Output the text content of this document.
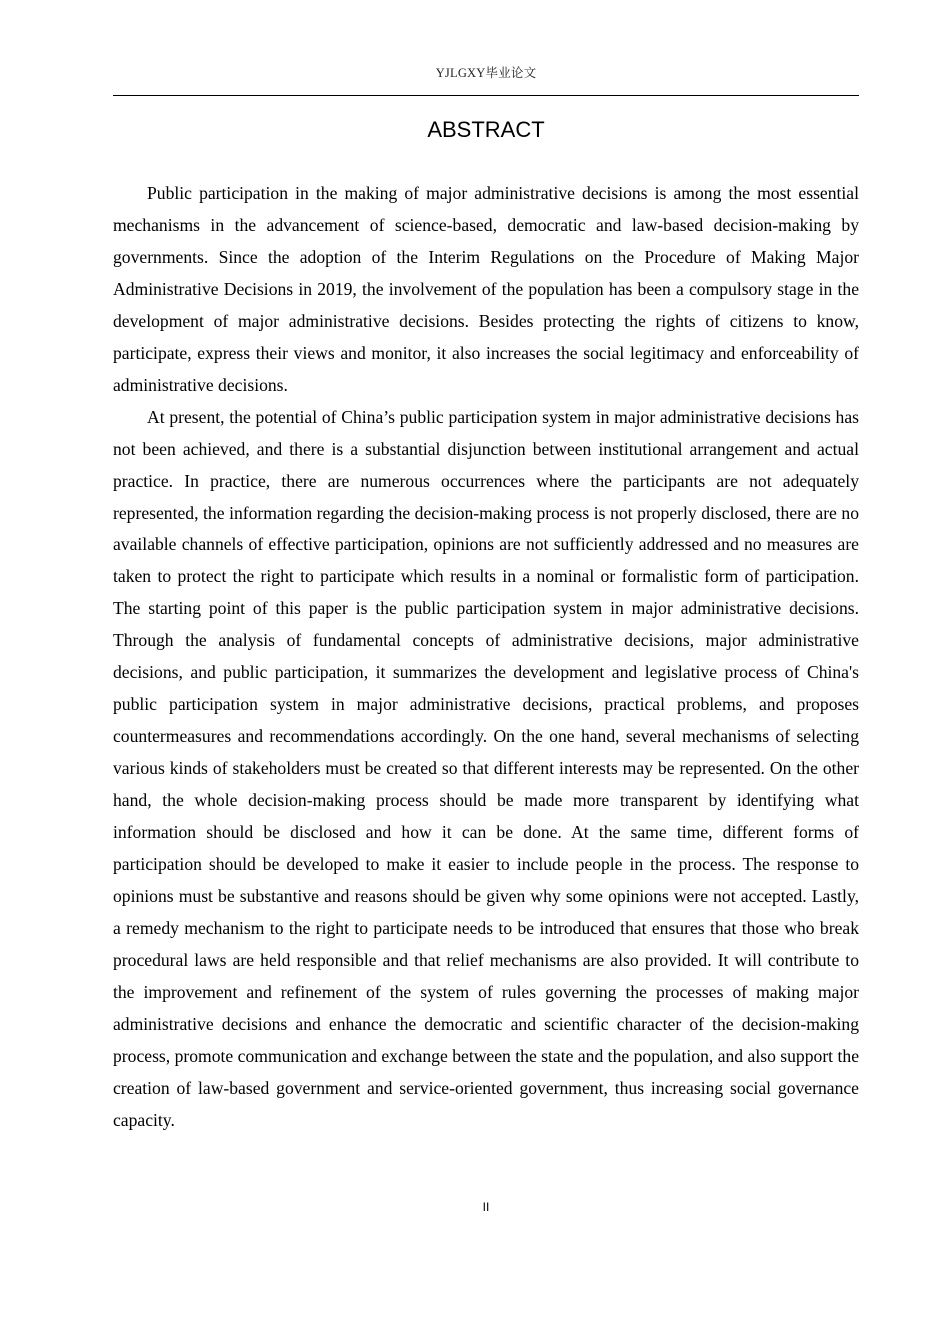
YJLGXY毕业论文
ABSTRACT

Public participation in the making of major administrative decisions is among the most essential mechanisms in the advancement of science-based, democratic and law-based decision-making by governments. Since the adoption of the Interim Regulations on the Procedure of Making Major Administrative Decisions in 2019, the involvement of the population has been a compulsory stage in the development of major administrative decisions. Besides protecting the rights of citizens to know, participate, express their views and monitor, it also increases the social legitimacy and enforceability of administrative decisions.

At present, the potential of China’s public participation system in major administrative decisions has not been achieved, and there is a substantial disjunction between institutional arrangement and actual practice. In practice, there are numerous occurrences where the participants are not adequately represented, the information regarding the decision-making process is not properly disclosed, there are no available channels of effective participation, opinions are not sufficiently addressed and no measures are taken to protect the right to participate which results in a nominal or formalistic form of participation. The starting point of this paper is the public participation system in major administrative decisions. Through the analysis of fundamental concepts of administrative decisions, major administrative decisions, and public participation, it summarizes the development and legislative process of China's public participation system in major administrative decisions, practical problems, and proposes countermeasures and recommendations accordingly. On the one hand, several mechanisms of selecting various kinds of stakeholders must be created so that different interests may be represented. On the other hand, the whole decision-making process should be made more transparent by identifying what information should be disclosed and how it can be done. At the same time, different forms of participation should be developed to make it easier to include people in the process. The response to opinions must be substantive and reasons should be given why some opinions were not accepted. Lastly, a remedy mechanism to the right to participate needs to be introduced that ensures that those who break procedural laws are held responsible and that relief mechanisms are also provided. It will contribute to the improvement and refinement of the system of rules governing the processes of making major administrative decisions and enhance the democratic and scientific character of the decision-making process, promote communication and exchange between the state and the population, and also support the creation of law-based government and service-oriented government, thus increasing social governance capacity.

II
